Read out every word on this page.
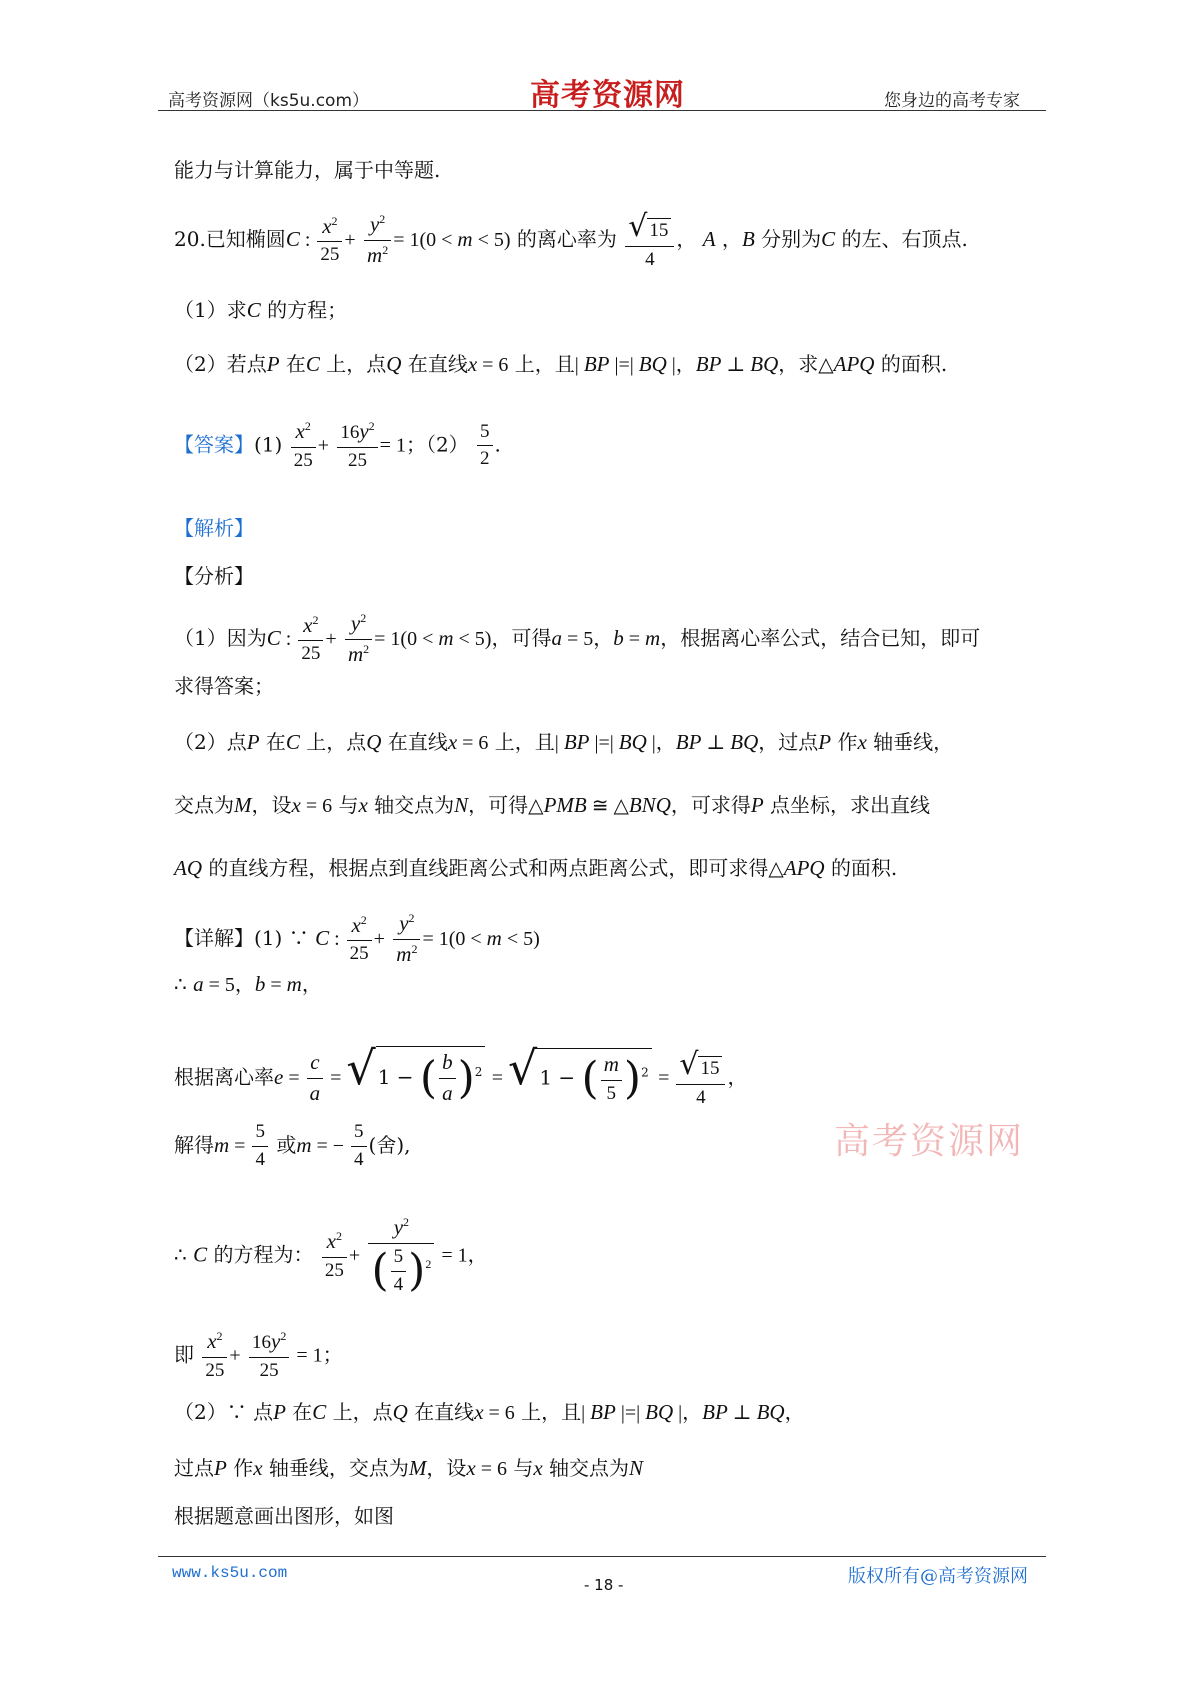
高考资源网（ks5u.com）	高考资源网	您身边的高考专家
能力与计算能力，属于中等题.
20.已知椭圆C : $\frac{x^2}{25} + \frac{y^2}{m^2} = 1(0 < m < 5)$ 的离心率为 $\frac{√ 15}{4}$ ， A ，B 分别为C 的左、右顶点.
（1）求C 的方程；
（2）若点P 在C 上，点Q 在直线x = 6 上，且| BP |=| BQ |，BP ⊥ BQ，求△APQ 的面积.
【答案】$(1) \frac{x^2}{25} + \frac{16y^2}{25} = 1$；$(2) \frac{5}{2}$ .
【解析】
【分析】
（1）因为C : $\frac{x^2}{25} + \frac{y^2}{m^2} = 1(0 < m < 5)$，可得a = 5，b = m，根据离心率公式，结合已知，即可
求得答案；
（2）点P 在C 上，点Q 在直线x = 6 上，且| BP |=| BQ |，BP ⊥ BQ，过点P 作x 轴垂线，
交点为M，设x = 6 与x 轴交点为N，可得△PMB ≅ △BNQ，可求得P 点坐标，求出直线
AQ 的直线方程，根据点到直线距离公式和两点距离公式，即可求得△APQ 的面积.
【详解】(1) ∵ C : $\frac{x^2}{25} + \frac{y^2}{m^2} = 1(0 < m < 5)$
∴ a = 5，b = m，
根据离心率$e = \frac{c}{a}$ = √ 1 − ( $\frac{b}{a} )^2$ = √ 1 − ( $\frac{m}{5} )^2 = \frac{√ 15}{4}$ ，
解得$m = \frac{5}{4}$ 或m = − $\frac{5}{4}$ (舍),	高考资源网
∴ C 的方程为： $\frac{x^2}{25} + \frac{y^2}{( \frac{5}{4} )^2} = 1$，
即 $\frac{x^2}{25} + \frac{16y^2}{25} = 1$；
（2）∵ 点P 在C 上，点Q 在直线x = 6 上，且| BP |=| BQ |，BP ⊥ BQ，
过点P 作x 轴垂线，交点为M，设x = 6 与x 轴交点为N
根据题意画出图形，如图
www.ks5u.com
- 18 -	版权所有@高考资源网
